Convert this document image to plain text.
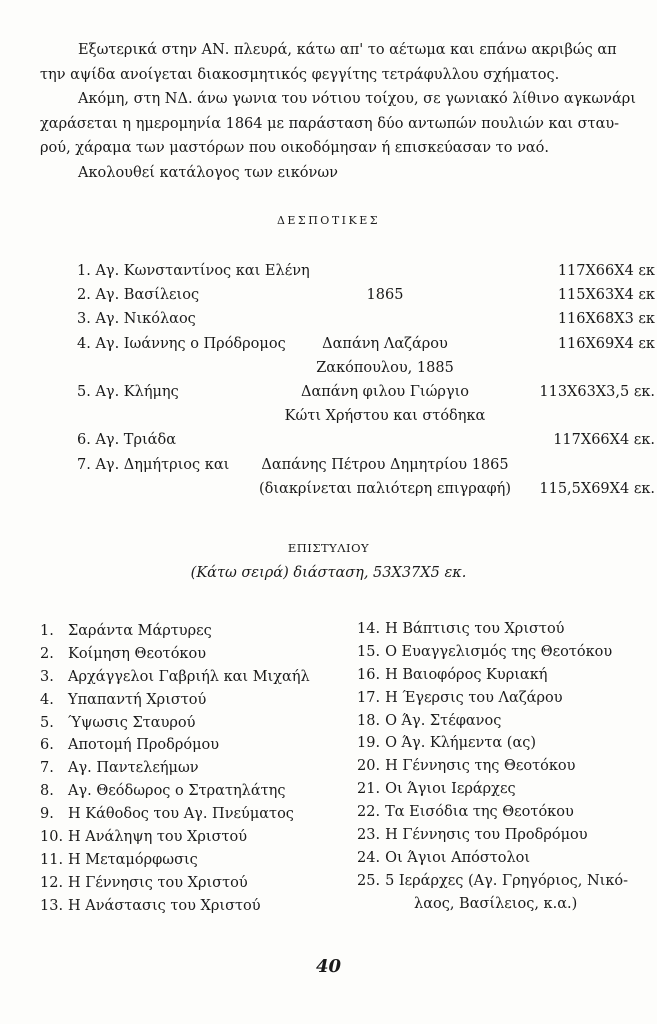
Εξωτερικά στην ΑΝ. πλευρά, κάτω απ' το αέτωμα και επάνω ακριβώς απ
την αψίδα ανοίγεται διακοσμητικός φεγγίτης τετράφυλλου σχήματος.
Ακόμη, στη ΝΔ. άνω γωνια του νότιου τοίχου, σε γωνιακό λίθινο αγκωνάρι
χαράσεται η ημερομηνία 1864 με παράσταση δύο αντωπών πουλιών και σταυ-
ρού, χάραμα των μαστόρων που οικοδόμησαν ή επισκεύασαν το ναό.
Ακολουθεί κατάλογος των εικόνων
ΔΕΣΠΟΤΙΚΕΣ
1. Αγ. Κωνσταντίνος και Ελένη	117Χ66Χ4 εκ
2. Αγ. Βασίλειος	1865	115Χ63Χ4 εκ
3. Αγ. Νικόλαος	116Χ68Χ3 εκ
4. Αγ. Ιωάννης ο Πρόδρομος	Δαπάνη Λαζάρου	116Χ69Χ4 εκ
Ζακόπουλου, 1885
5. Αγ. Κλήμης	Δαπάνη φιλου Γιώργιο	113Χ63Χ3,5 εκ.
Κώτι Χρήστου και στόδηκα
6. Αγ. Τριάδα	117Χ66Χ4 εκ.
7. Αγ. Δημήτριος και Δαπάνης Πέτρου Δημητρίου 1865
(διακρίνεται παλιότερη επιγραφή) 115,5Χ69Χ4 εκ.
ΕΠΙΣΤΥΛΙΟΥ
(Κάτω σειρά) διάσταση, 53Χ37Χ5 εκ.
1. Σαράντα Μάρτυρες
2. Κοίμηση Θεοτόκου
3. Αρχάγγελοι Γαβριήλ και Μιχαήλ
4. Υπαπαντή Χριστού
5. Ύψωσις Σταυρού
6. Αποτομή Προδρόμου
7. Αγ. Παντελεήμων
8. Αγ. Θεόδωρος ο Στρατηλάτης
9. Η Κάθοδος του Αγ. Πνεύματος
10. Η Ανάληψη του Χριστού
11. Η Μεταμόρφωσις
12. Η Γέννησις του Χριστού
13. Η Ανάστασις του Χριστού
14. Η Βάπτισις του Χριστού
15. Ο Ευαγγελισμός της Θεοτόκου
16. Η Βαιοφόρος Κυριακή
17. Η Έγερσις του Λαζάρου
18. Ο Άγ. Στέφανος
19. Ο Άγ. Κλήμεντα (ας)
20. Η Γέννησις της Θεοτόκου
21. Οι Άγιοι Ιεράρχες
22. Τα Εισόδια της Θεοτόκου
23. Η Γέννησις του Προδρόμου
24. Οι Άγιοι Απόστολοι
25. 5 Ιεράρχες (Αγ. Γρηγόριος, Νικό-
λαος, Βασίλειος, κ.α.)
40
